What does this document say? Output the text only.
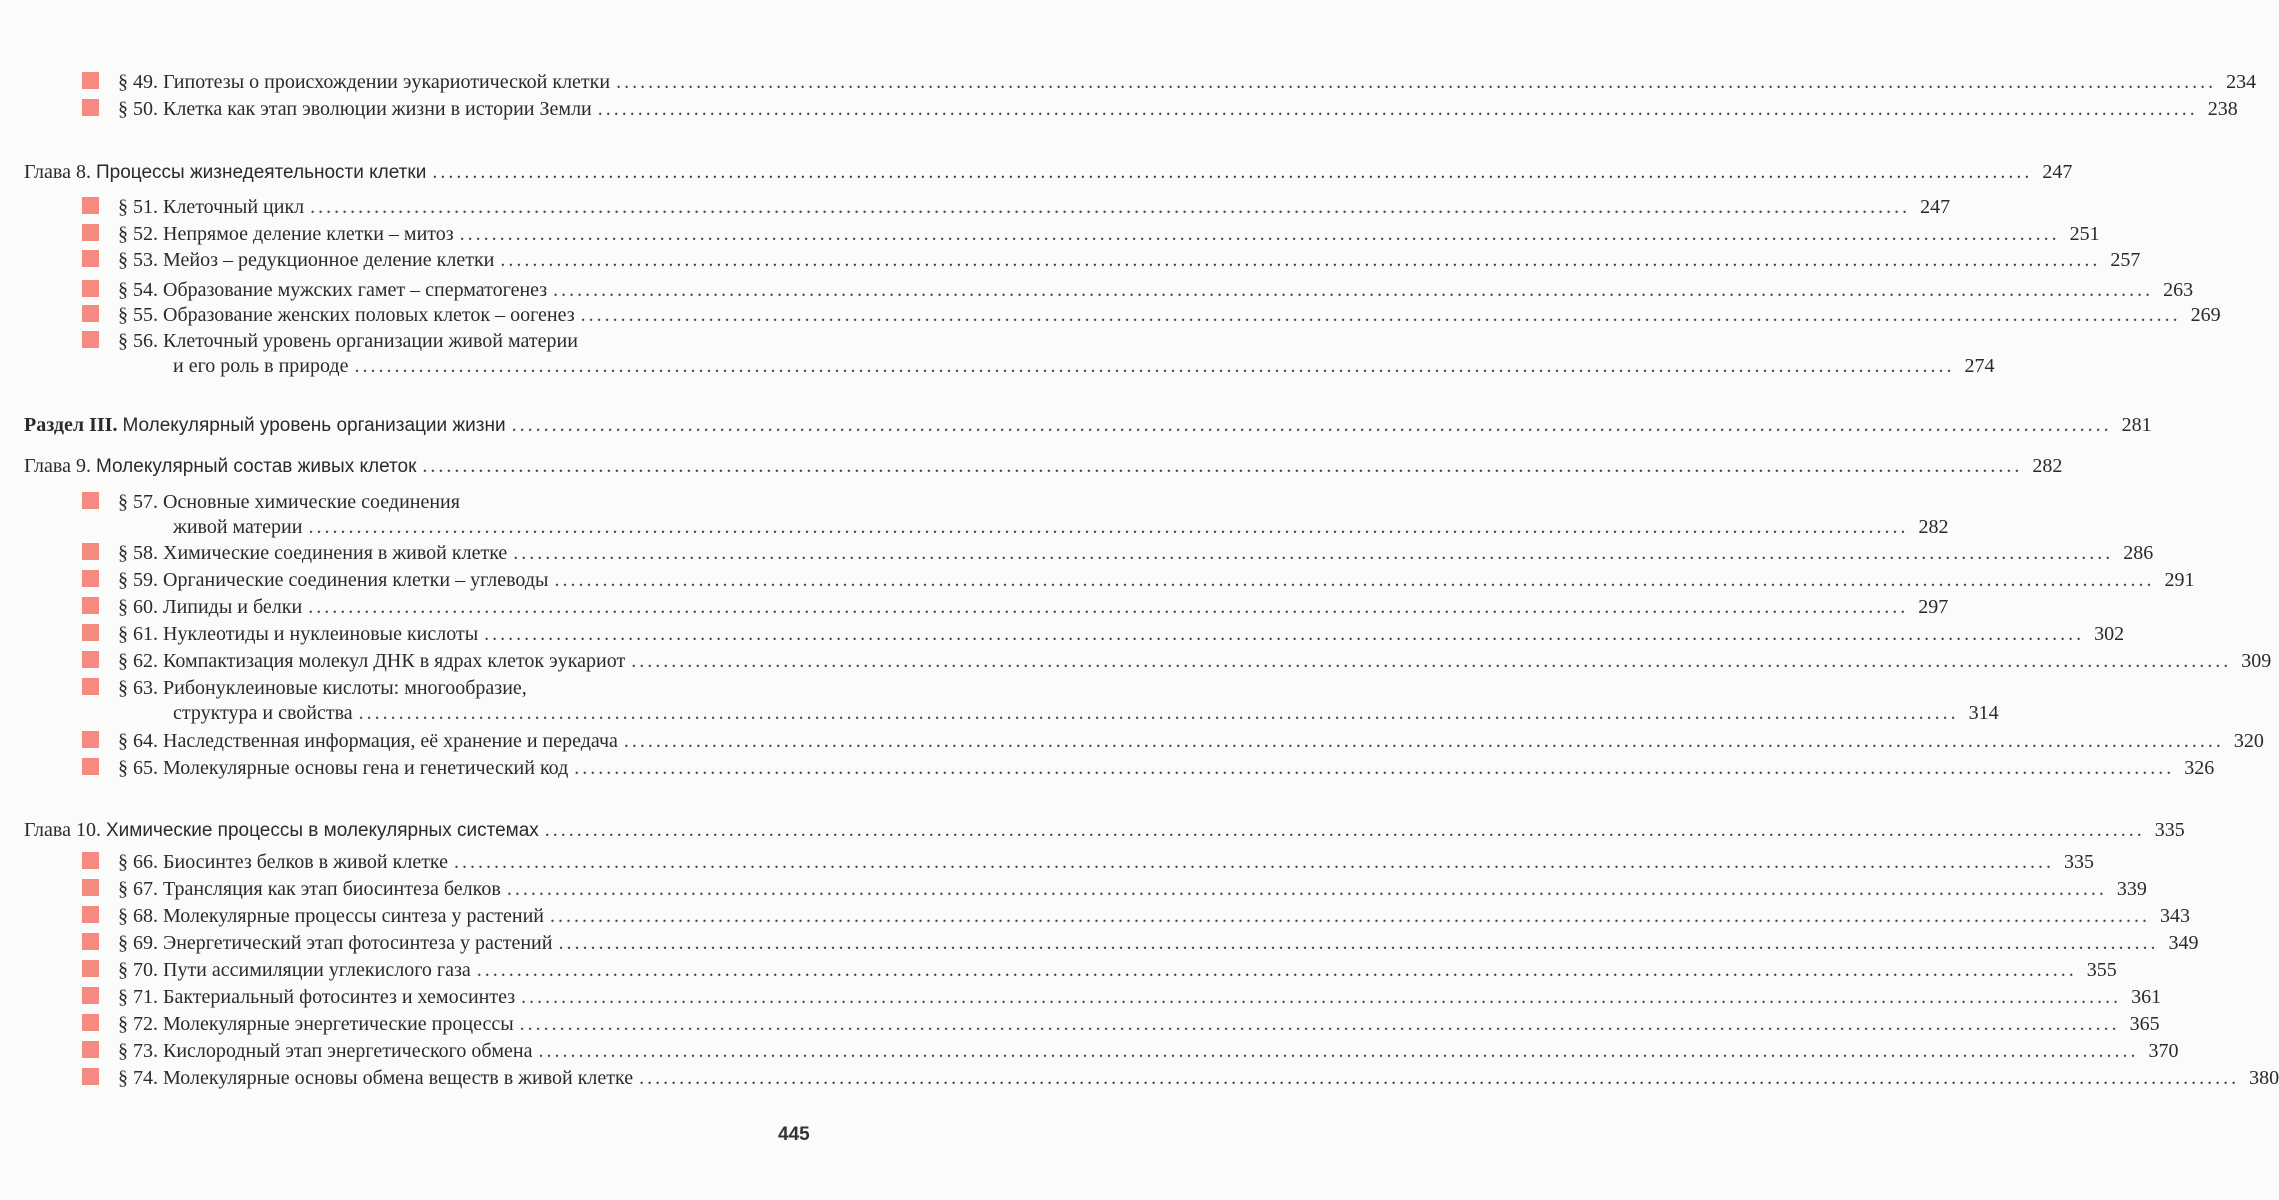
§ 49. Гипотезы о происхождении эукариотической клетки ........................................................................................................................................................................................................ 234
§ 50. Клетка как этап эволюции жизни в истории Земли ........................................................................................................................................................................................................ 238
Глава 8. Процессы жизнедеятельности клетки ........................................................................................................................................................................................................ 247
§ 51. Клеточный цикл ........................................................................................................................................................................................................ 247
§ 52. Непрямое деление клетки – митоз ........................................................................................................................................................................................................ 251
§ 53. Мейоз – редукционное деление клетки ........................................................................................................................................................................................................ 257
§ 54. Образование мужских гамет – сперматогенез ........................................................................................................................................................................................................ 263
§ 55. Образование женских половых клеток – оогенез ........................................................................................................................................................................................................ 269
§ 56. Клеточный уровень организации живой материи
и его роль в природе ........................................................................................................................................................................................................ 274
Раздел III. Молекулярный уровень организации жизни ........................................................................................................................................................................................................ 281
Глава 9. Молекулярный состав живых клеток ........................................................................................................................................................................................................ 282
§ 57. Основные химические соединения
живой материи ........................................................................................................................................................................................................ 282
§ 58. Химические соединения в живой клетке ........................................................................................................................................................................................................ 286
§ 59. Органические соединения клетки – углеводы ........................................................................................................................................................................................................ 291
§ 60. Липиды и белки ........................................................................................................................................................................................................ 297
§ 61. Нуклеотиды и нуклеиновые кислоты ........................................................................................................................................................................................................ 302
§ 62. Компактизация молекул ДНК в ядрах клеток эукариот ........................................................................................................................................................................................................ 309
§ 63. Рибонуклеиновые кислоты: многообразие,
структура и свойства ........................................................................................................................................................................................................ 314
§ 64. Наследственная информация, её хранение и передача ........................................................................................................................................................................................................ 320
§ 65. Молекулярные основы гена и генетический код ........................................................................................................................................................................................................ 326
Глава 10. Химические процессы в молекулярных системах ........................................................................................................................................................................................................ 335
§ 66. Биосинтез белков в живой клетке ........................................................................................................................................................................................................ 335
§ 67. Трансляция как этап биосинтеза белков ........................................................................................................................................................................................................ 339
§ 68. Молекулярные процессы синтеза у растений ........................................................................................................................................................................................................ 343
§ 69. Энергетический этап фотосинтеза у растений ........................................................................................................................................................................................................ 349
§ 70. Пути ассимиляции углекислого газа ........................................................................................................................................................................................................ 355
§ 71. Бактериальный фотосинтез и хемосинтез ........................................................................................................................................................................................................ 361
§ 72. Молекулярные энергетические процессы ........................................................................................................................................................................................................ 365
§ 73. Кислородный этап энергетического обмена ........................................................................................................................................................................................................ 370
§ 74. Молекулярные основы обмена веществ в живой клетке ........................................................................................................................................................................................................ 380
445
